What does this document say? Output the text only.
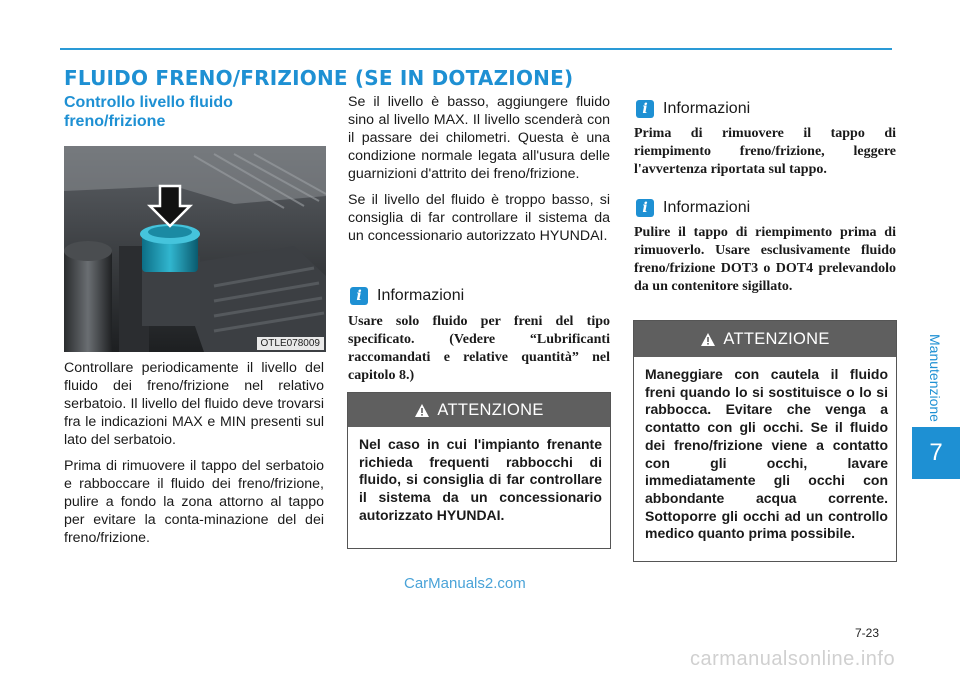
FLUIDO FRENO/FRIZIONE (SE IN DOTAZIONE)
Manutenzione
7
Controllo livello fluido freno/frizione
OTLE078009

Controllare periodicamente il livello del fluido dei freno/frizione nel relativo serbatoio. Il livello del fluido deve trovarsi fra le indicazioni MAX e MIN presenti sul lato del serbatoio.

Prima di rimuovere il tappo del serbatoio e rabboccare il fluido dei freno/frizione, pulire a fondo la zona attorno al tappo per evitare la conta-minazione del dei freno/frizione.

Se il livello è basso, aggiungere fluido sino al livello MAX. Il livello scenderà con il passare dei chilometri. Questa è una condizione normale legata all'usura delle guarnizioni d'attrito dei freno/frizione.

Se il livello del fluido è troppo basso, si consiglia di far controllare il sistema da un concessionario autorizzato HYUNDAI.

i Informazioni
Usare solo fluido per freni del tipo specificato. (Vedere “Lubrificanti raccomandati e relative quantità” nel capitolo 8.)
ATTENZIONE
Nel caso in cui l'impianto frenante richieda frequenti rabbocchi di fluido, si consiglia di far controllare il sistema da un concessionario autorizzato HYUNDAI.
i Informazioni
Prima di rimuovere il tappo di riempimento freno/frizione, leggere l'avvertenza riportata sul tappo.
i Informazioni
Pulire il tappo di riempimento prima di rimuoverlo. Usare esclusivamente fluido freno/frizione DOT3 o DOT4 prelevandolo da un contenitore sigillato.
ATTENZIONE
Maneggiare con cautela il fluido freni quando lo si sostituisce o lo si rabbocca. Evitare che venga a contatto con gli occhi. Se il fluido dei freno/frizione viene a contatto con gli occhi, lavare immediatamente gli occhi con abbondante acqua corrente. Sottoporre gli occhi ad un controllo medico quanto prima possibile.
CarManuals2.com
7-23
carmanualsonline.info
